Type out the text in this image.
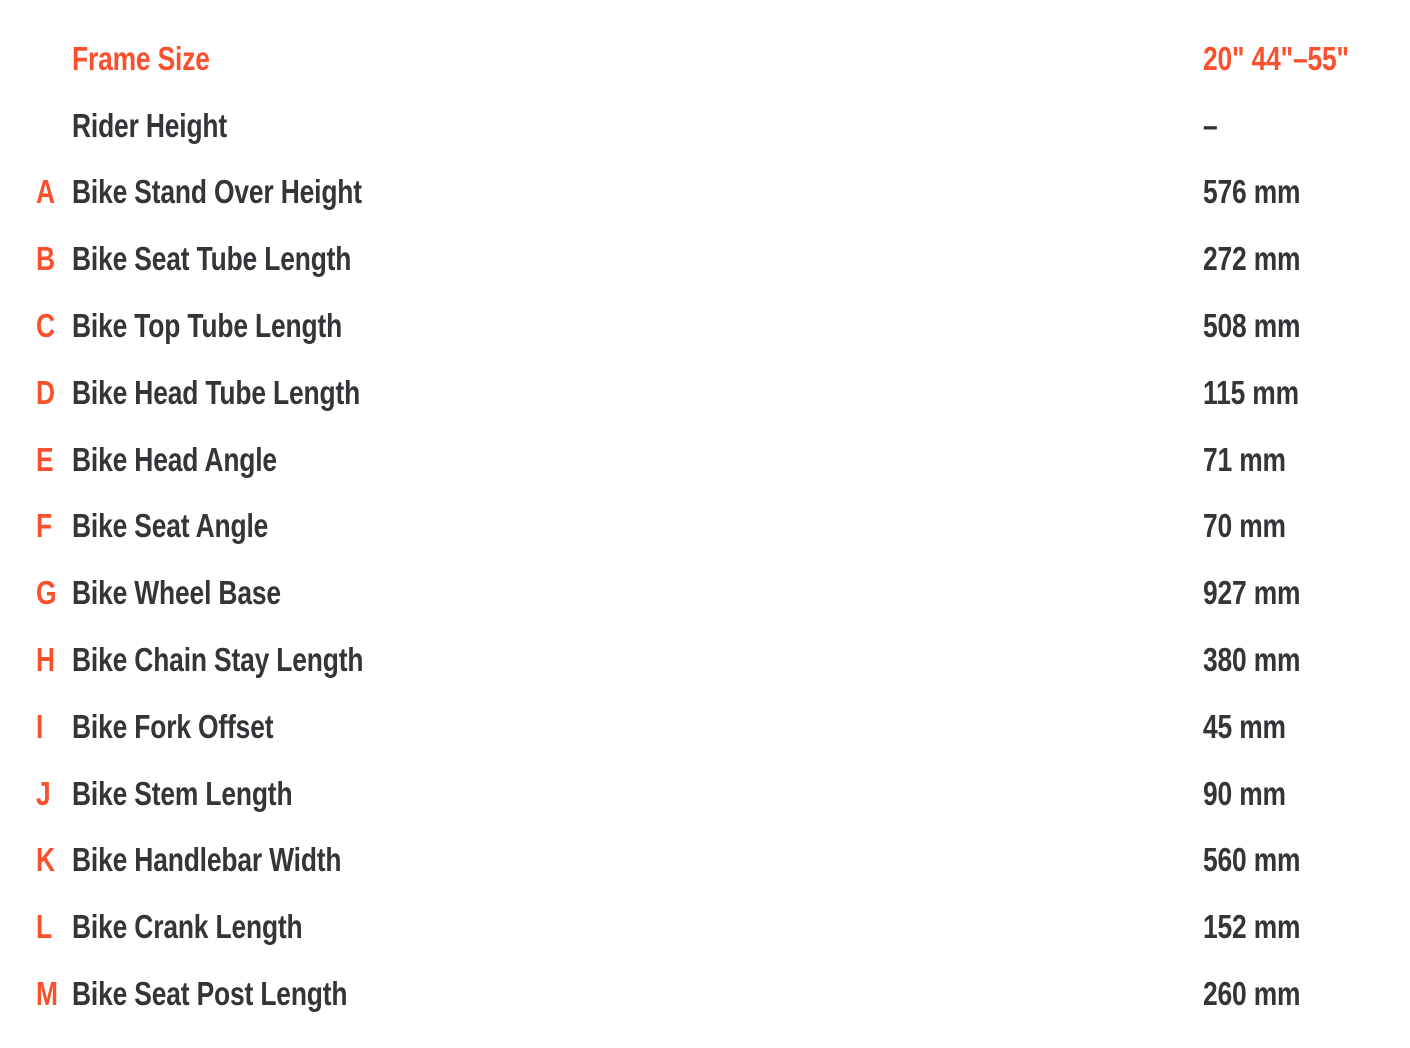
Frame Size	20" 44"–55"
Rider Height	–
A Bike Stand Over Height	576 mm
B Bike Seat Tube Length	272 mm
C Bike Top Tube Length	508 mm
D Bike Head Tube Length	115 mm
E Bike Head Angle	71 mm
F Bike Seat Angle	70 mm
G Bike Wheel Base	927 mm
H Bike Chain Stay Length	380 mm
I Bike Fork Offset	45 mm
J Bike Stem Length	90 mm
K Bike Handlebar Width	560 mm
L Bike Crank Length	152 mm
M Bike Seat Post Length	260 mm
